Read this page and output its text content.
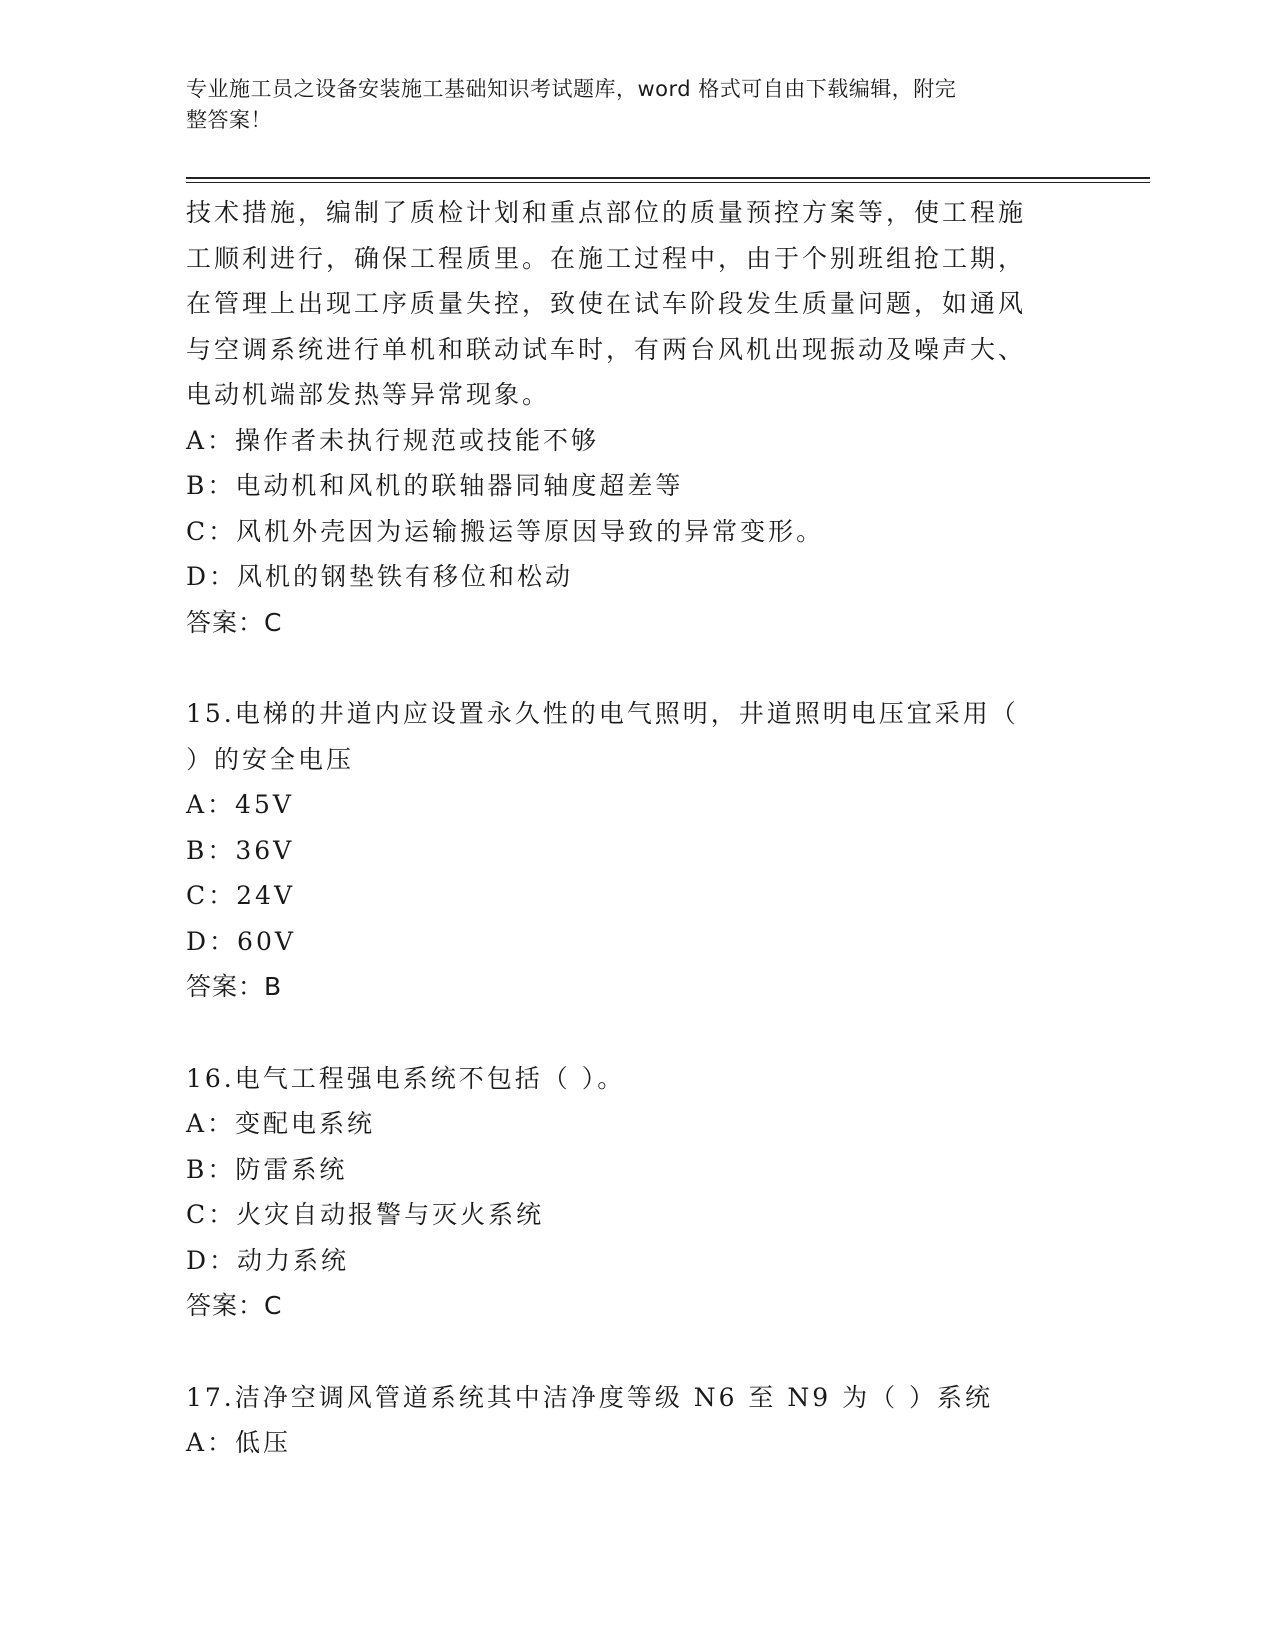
专业施工员之设备安装施工基础知识考试题库，word 格式可自由下载编辑，附完
整答案！
技术措施，编制了质检计划和重点部位的质量预控方案等，使工程施
工顺利进行，确保工程质里。在施工过程中，由于个别班组抢工期，
在管理上出现工序质量失控，致使在试车阶段发生质量问题，如通风
与空调系统进行单机和联动试车时，有两台风机出现振动及噪声大、
电动机端部发热等异常现象。
A：操作者未执行规范或技能不够
B：电动机和风机的联轴器同轴度超差等
C：风机外壳因为运输搬运等原因导致的异常变形。
D：风机的钢垫铁有移位和松动
答案：C
15.电梯的井道内应设置永久性的电气照明，井道照明电压宜采用（
）的安全电压
A：45V
B：36V
C：24V
D：60V
答案：B
16.电气工程强电系统不包括（ ）。
A：变配电系统
B：防雷系统
C：火灾自动报警与灭火系统
D：动力系统
答案：C
17.洁净空调风管道系统其中洁净度等级 N6 至 N9 为（ ）系统
A：低压
